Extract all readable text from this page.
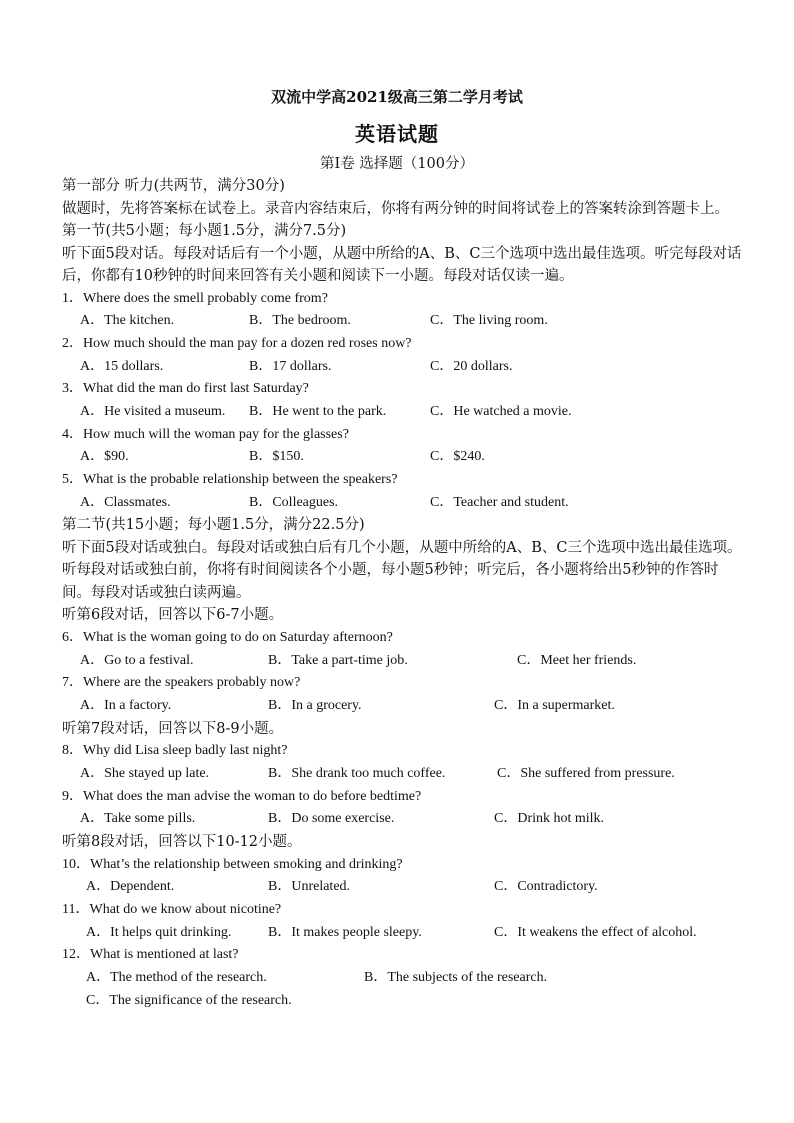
双流中学高2021级高三第二学月考试
英语试题
第I卷 选择题（100分）

第一部分 听力(共两节，满分30分)

做题时，先将答案标在试卷上。录音内容结束后，你将有两分钟的时间将试卷上的答案转涂到答题卡上。

第一节(共5小题；每小题1.5分，满分7.5分)

听下面5段对话。每段对话后有一个小题，从题中所给的A、B、C三个选项中选出最佳选项。听完每段对话后，你都有10秒钟的时间来回答有关小题和阅读下一小题。每段对话仅读一遍。

1．Where does the smell probably come from?

A．The kitchen.	B．The bedroom.	C．The living room.

2．How much should the man pay for a dozen red roses now?

A．15 dollars.	B．17 dollars.	C．20 dollars.

3．What did the man do first last Saturday?

A．He visited a museum. B．He went to the park.	C．He watched a movie.

4．How much will the woman pay for the glasses?

A．$90.	B．$150.	C．$240.

5．What is the probable relationship between the speakers?

A．Classmates.	B．Colleagues.	C．Teacher and student.

第二节(共15小题；每小题1.5分，满分22.5分)

听下面5段对话或独白。每段对话或独白后有几个小题，从题中所给的A、B、C三个选项中选出最佳选项。听每段对话或独白前，你将有时间阅读各个小题，每小题5秒钟；听完后，各小题将给出5秒钟的作答时间。每段对话或独白读两遍。

听第6段对话，回答以下6-7小题。

6．What is the woman going to do on Saturday afternoon?

A．Go to a festival.	B．Take a part-time job.	C．Meet her friends.

7．Where are the speakers probably now?

A．In a factory.	B．In a grocery.	C．In a supermarket.

听第7段对话，回答以下8-9小题。

8．Why did Lisa sleep badly last night?

A．She stayed up late.	B．She drank too much coffee.	C．She suffered from pressure.

9．What does the man advise the woman to do before bedtime?

A．Take some pills.	B．Do some exercise.	C．Drink hot milk.

听第8段对话，回答以下10-12小题。

10．What’s the relationship between smoking and drinking?

A．Dependent.	B．Unrelated.	C．Contradictory.

11．What do we know about nicotine?

A．It helps quit drinking.	B．It makes people sleepy.	C．It weakens the effect of alcohol.

12．What is mentioned at last?

A．The method of the research.	B．The subjects of the research.
C．The significance of the research.
